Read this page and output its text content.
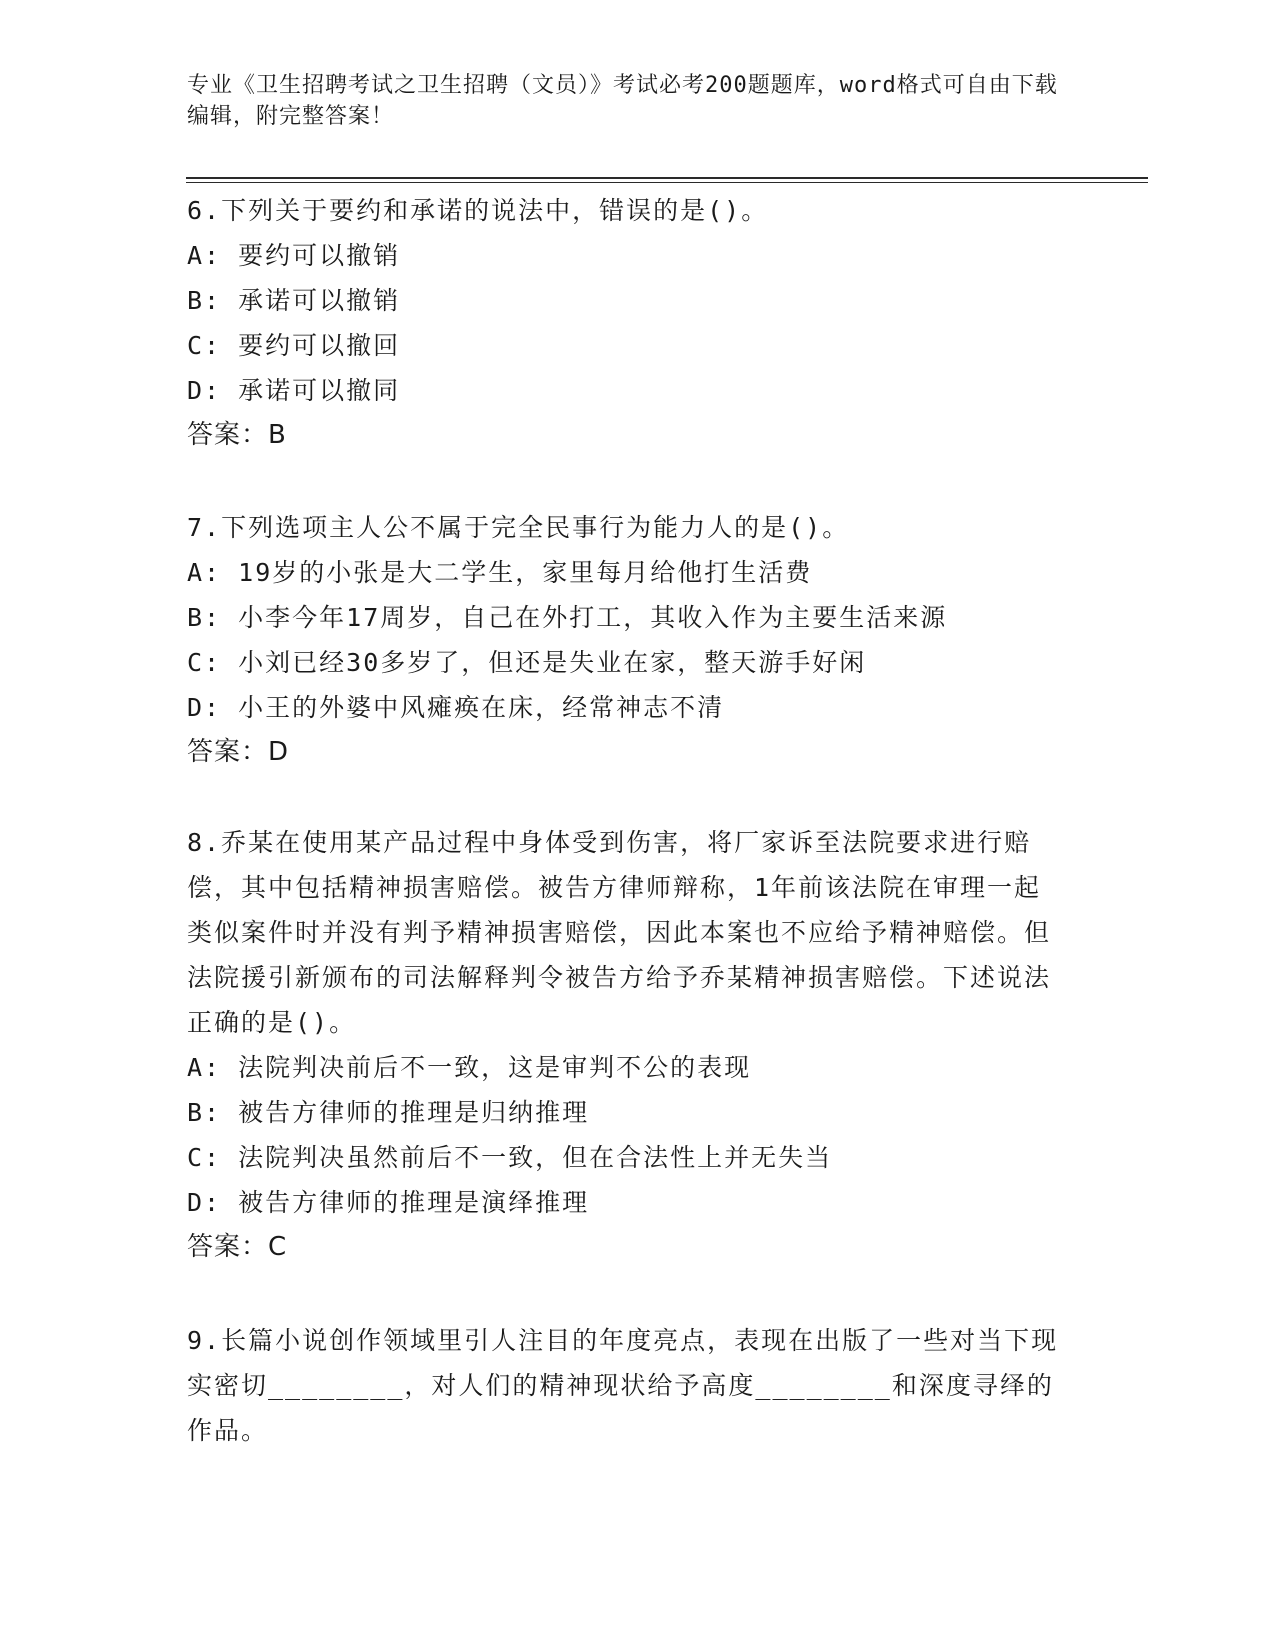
专业《卫生招聘考试之卫生招聘（文员）》考试必考200题题库，word格式可自由下载编辑，附完整答案！

6.下列关于要约和承诺的说法中，错误的是()。

A: 要约可以撤销

B: 承诺可以撤销

C: 要约可以撤回

D: 承诺可以撤同

答案：B

7.下列选项主人公不属于完全民事行为能力人的是()。

A: 19岁的小张是大二学生，家里每月给他打生活费

B: 小李今年17周岁，自己在外打工，其收入作为主要生活来源

C: 小刘已经30多岁了，但还是失业在家，整天游手好闲

D: 小王的外婆中风瘫痪在床，经常神志不清

答案：D

8.乔某在使用某产品过程中身体受到伤害，将厂家诉至法院要求进行赔偿，其中包括精神损害赔偿。被告方律师辩称，1年前该法院在审理一起类似案件时并没有判予精神损害赔偿，因此本案也不应给予精神赔偿。但法院援引新颁布的司法解释判令被告方给予乔某精神损害赔偿。下述说法正确的是()。

A: 法院判决前后不一致，这是审判不公的表现

B: 被告方律师的推理是归纳推理

C: 法院判决虽然前后不一致，但在合法性上并无失当

D: 被告方律师的推理是演绎推理

答案：C

9.长篇小说创作领域里引人注目的年度亮点，表现在出版了一些对当下现实密切________，对人们的精神现状给予高度________和深度寻绎的作品。
